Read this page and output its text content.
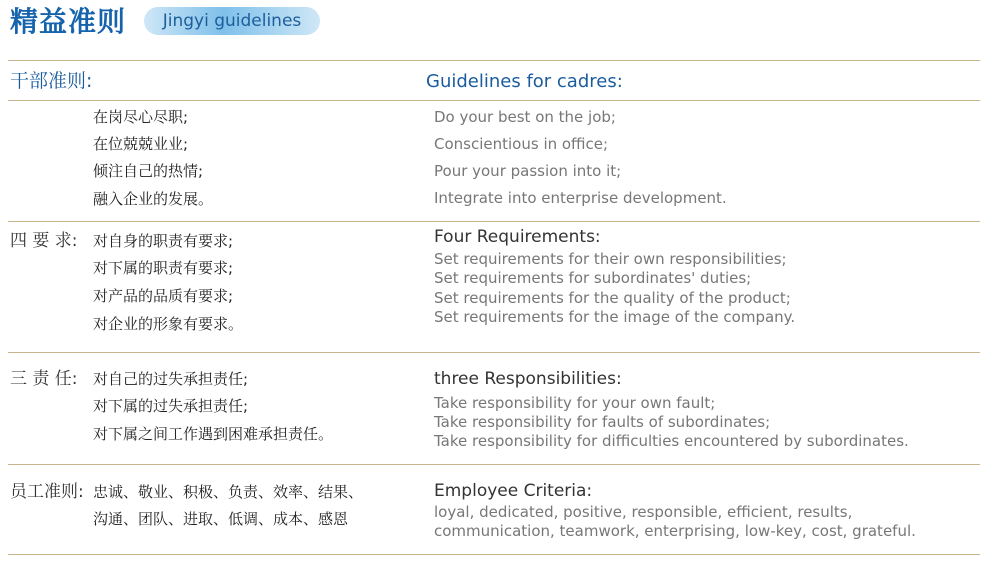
精益准则	Jingyi guidelines
干部准则:	Guidelines for cadres:
在岗尽心尽职;
在位兢兢业业;
倾注自己的热情;
融入企业的发展。
Do your best on the job;
Conscientious in office;
Pour your passion into it;
Integrate into enterprise development.
四 要 求: 对自身的职责有要求;
对下属的职责有要求;
对产品的品质有要求;
对企业的形象有要求。
Four Requirements:
Set requirements for their own responsibilities;
Set requirements for subordinates' duties;
Set requirements for the quality of the product;
Set requirements for the image of the company.
三 责 任: 对自己的过失承担责任;
对下属的过失承担责任;
对下属之间工作遇到困难承担责任。
three Responsibilities:
Take responsibility for your own fault;
Take responsibility for faults of subordinates;
Take responsibility for difficulties encountered by subordinates.
员工准则: 忠诚、敬业、积极、负责、效率、结果、
沟通、团队、进取、低调、成本、感恩
Employee Criteria:
loyal, dedicated, positive, responsible, efficient, results,
communication, teamwork, enterprising, low-key, cost, grateful.
